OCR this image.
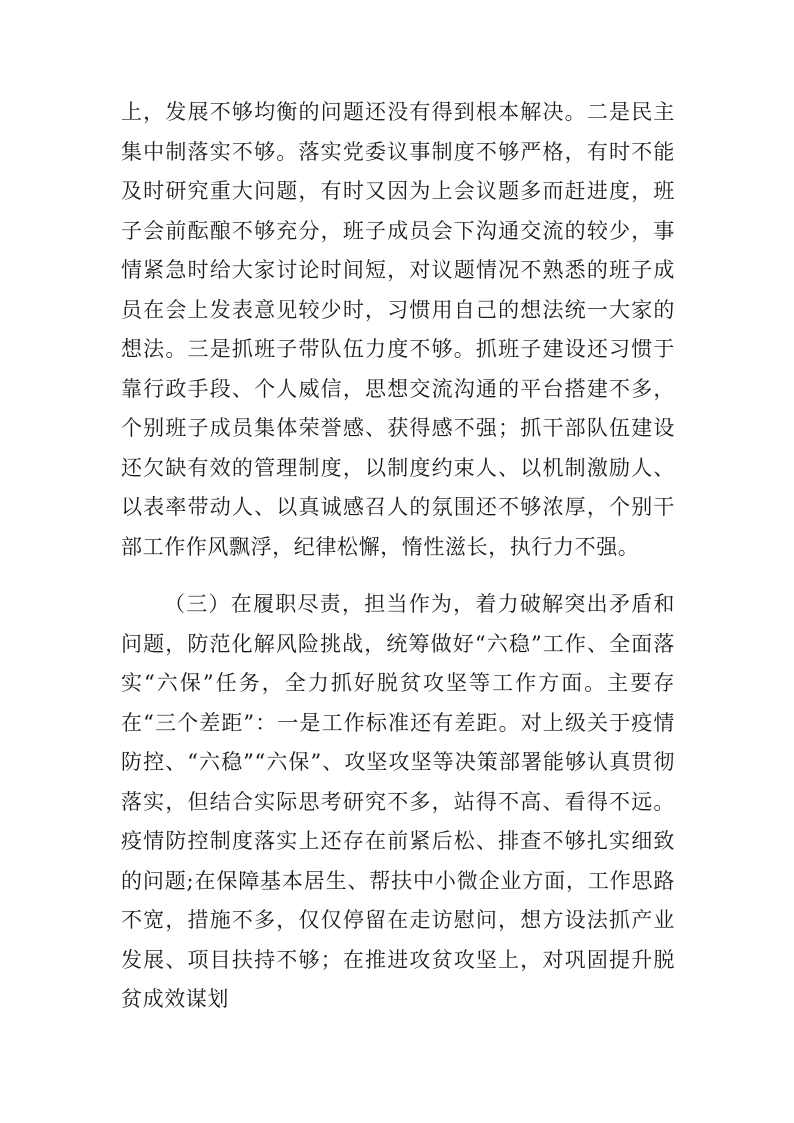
上，发展不够均衡的问题还没有得到根本解决。二是民主集中制落实不够。落实党委议事制度不够严格，有时不能及时研究重大问题，有时又因为上会议题多而赶进度，班子会前酝酿不够充分，班子成员会下沟通交流的较少，事情紧急时给大家讨论时间短，对议题情况不熟悉的班子成员在会上发表意见较少时，习惯用自己的想法统一大家的想法。三是抓班子带队伍力度不够。抓班子建设还习惯于靠行政手段、个人威信，思想交流沟通的平台搭建不多，个别班子成员集体荣誉感、获得感不强；抓干部队伍建设还欠缺有效的管理制度，以制度约束人、以机制激励人、以表率带动人、以真诚感召人的氛围还不够浓厚，个别干部工作作风飘浮，纪律松懈，惰性滋长，执行力不强。

（三）在履职尽责，担当作为，着力破解突出矛盾和问题，防范化解风险挑战，统筹做好“六稳”工作、全面落实“六保”任务，全力抓好脱贫攻坚等工作方面。主要存在“三个差距”：一是工作标准还有差距。对上级关于疫情防控、“六稳”“六保”、攻坚攻坚等决策部署能够认真贯彻落实，但结合实际思考研究不多，站得不高、看得不远。疫情防控制度落实上还存在前紧后松、排查不够扎实细致的问题;在保障基本居生、帮扶中小微企业方面，工作思路不宽，措施不多，仅仅停留在走访慰问，想方设法抓产业发展、项目扶持不够；在推进攻贫攻坚上，对巩固提升脱贫成效谋划
